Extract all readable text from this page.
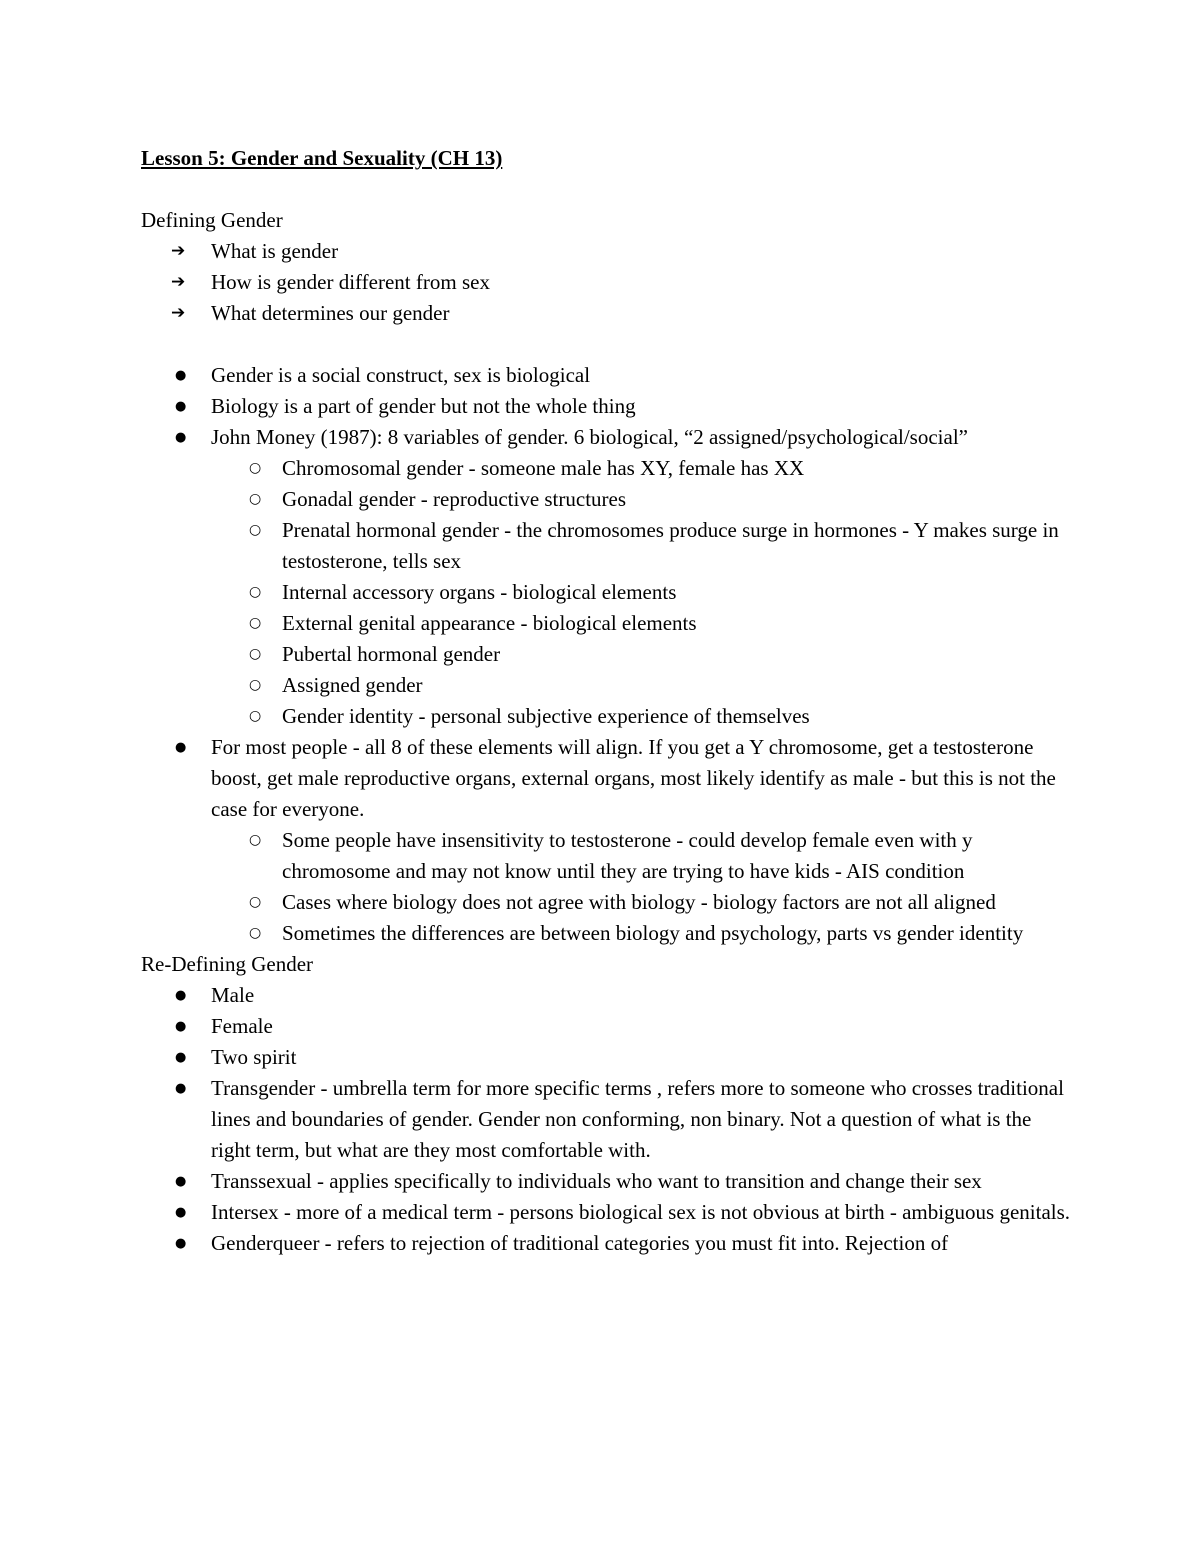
Lesson 5: Gender and Sexuality (CH 13)

Defining Gender

➔	What is gender
➔	How is gender different from sex
➔	What determines our gender
●	Gender is a social construct, sex is biological
●	Biology is a part of gender but not the whole thing
●	John Money (1987): 8 variables of gender. 6 biological, “2 assigned/psychological/social”
○ Chromosomal gender - someone male has XY, female has XX
○ Gonadal gender - reproductive structures
○ Prenatal hormonal gender - the chromosomes produce surge in hormones - Y makes surge in testosterone, tells sex
○ Internal accessory organs - biological elements
○ External genital appearance - biological elements
○ Pubertal hormonal gender
○ Assigned gender
○ Gender identity - personal subjective experience of themselves
●	For most people - all 8 of these elements will align. If you get a Y chromosome, get a testosterone boost, get male reproductive organs, external organs, most likely identify as male - but this is not the case for everyone.
○ Some people have insensitivity to testosterone - could develop female even with y chromosome and may not know until they are trying to have kids - AIS condition
○ Cases where biology does not agree with biology - biology factors are not all aligned
○ Sometimes the differences are between biology and psychology, parts vs gender identity

Re-Defining Gender

●	Male
●	Female
●	Two spirit
●	Transgender - umbrella term for more specific terms , refers more to someone who crosses traditional lines and boundaries of gender. Gender non conforming, non binary. Not a question of what is the right term, but what are they most comfortable with.
●	Transsexual - applies specifically to individuals who want to transition and change their sex
●	Intersex - more of a medical term - persons biological sex is not obvious at birth - ambiguous genitals.
●	Genderqueer - refers to rejection of traditional categories you must fit into. Rejection of
